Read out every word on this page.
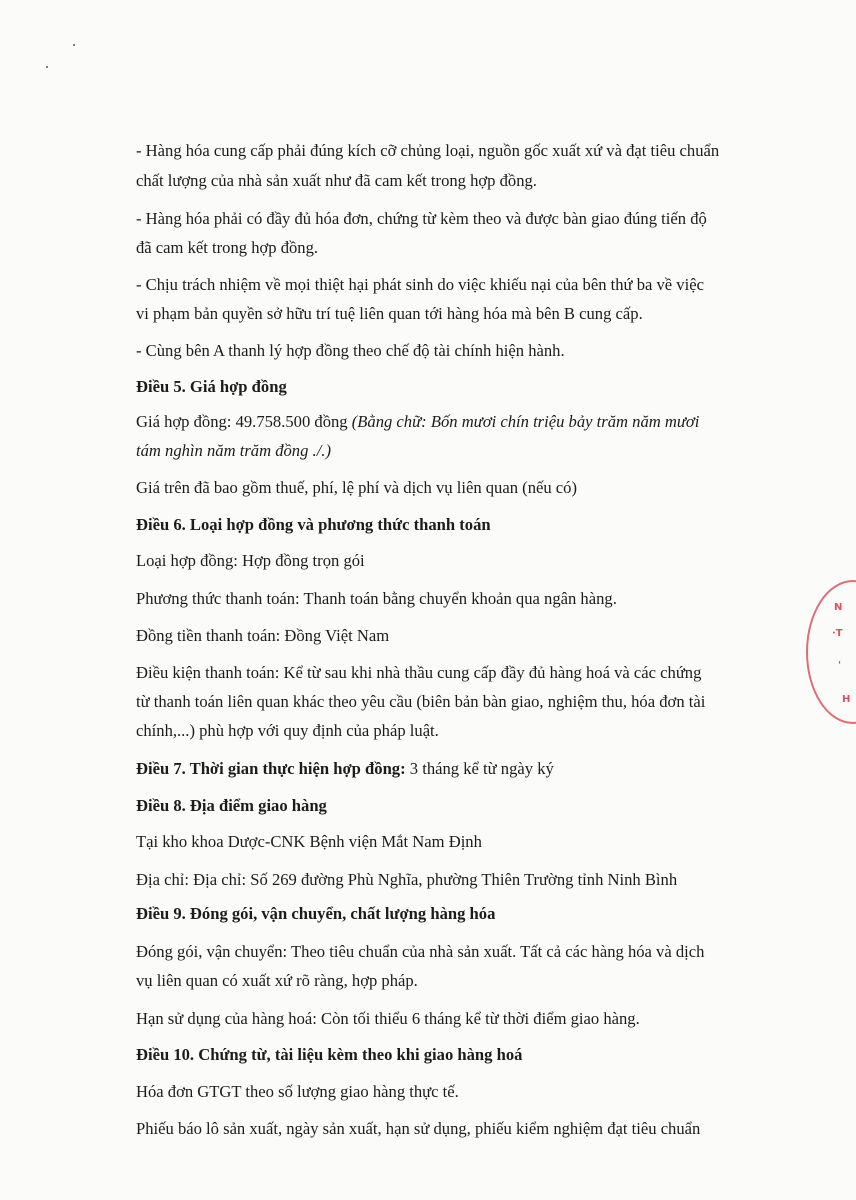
- Hàng hóa cung cấp phải đúng kích cỡ chủng loại, nguồn gốc xuất xứ và đạt tiêu chuẩn
chất lượng của nhà sản xuất như đã cam kết trong hợp đồng.
- Hàng hóa phải có đầy đủ hóa đơn, chứng từ kèm theo và được bàn giao đúng tiến độ
đã cam kết trong hợp đồng.
- Chịu trách nhiệm về mọi thiệt hại phát sinh do việc khiếu nại của bên thứ ba về việc
vi phạm bản quyền sở hữu trí tuệ liên quan tới hàng hóa mà bên B cung cấp.
- Cùng bên A thanh lý hợp đồng theo chế độ tài chính hiện hành.
Điều 5. Giá hợp đồng
Giá hợp đồng: 49.758.500 đồng (Bằng chữ: Bốn mươi chín triệu bảy trăm năm mươi
tám nghìn năm trăm đồng ./.)
Giá trên đã bao gồm thuế, phí, lệ phí và dịch vụ liên quan (nếu có)
Điều 6. Loại hợp đồng và phương thức thanh toán
Loại hợp đồng: Hợp đồng trọn gói
Phương thức thanh toán: Thanh toán bằng chuyển khoản qua ngân hàng.
Đồng tiền thanh toán: Đồng Việt Nam
Điều kiện thanh toán: Kể từ sau khi nhà thầu cung cấp đầy đủ hàng hoá và các chứng
từ thanh toán liên quan khác theo yêu cầu (biên bản bàn giao, nghiệm thu, hóa đơn tài
chính,...) phù hợp với quy định của pháp luật.
Điều 7. Thời gian thực hiện hợp đồng: 3 tháng kể từ ngày ký
Điều 8. Địa điểm giao hàng
Tại kho khoa Dược-CNK Bệnh viện Mắt Nam Định
Địa chỉ: Địa chỉ: Số 269 đường Phù Nghĩa, phường Thiên Trường tỉnh Ninh Bình
Điều 9. Đóng gói, vận chuyển, chất lượng hàng hóa
Đóng gói, vận chuyển: Theo tiêu chuẩn của nhà sản xuất. Tất cả các hàng hóa và dịch
vụ liên quan có xuất xứ rõ ràng, hợp pháp.
Hạn sử dụng của hàng hoá: Còn tối thiểu 6 tháng kể từ thời điểm giao hàng.
Điều 10. Chứng từ, tài liệu kèm theo khi giao hàng hoá
Hóa đơn GTGT theo số lượng giao hàng thực tế.
Phiếu báo lô sản xuất, ngày sản xuất, hạn sử dụng, phiếu kiểm nghiệm đạt tiêu chuẩn
N
·T
'
H
